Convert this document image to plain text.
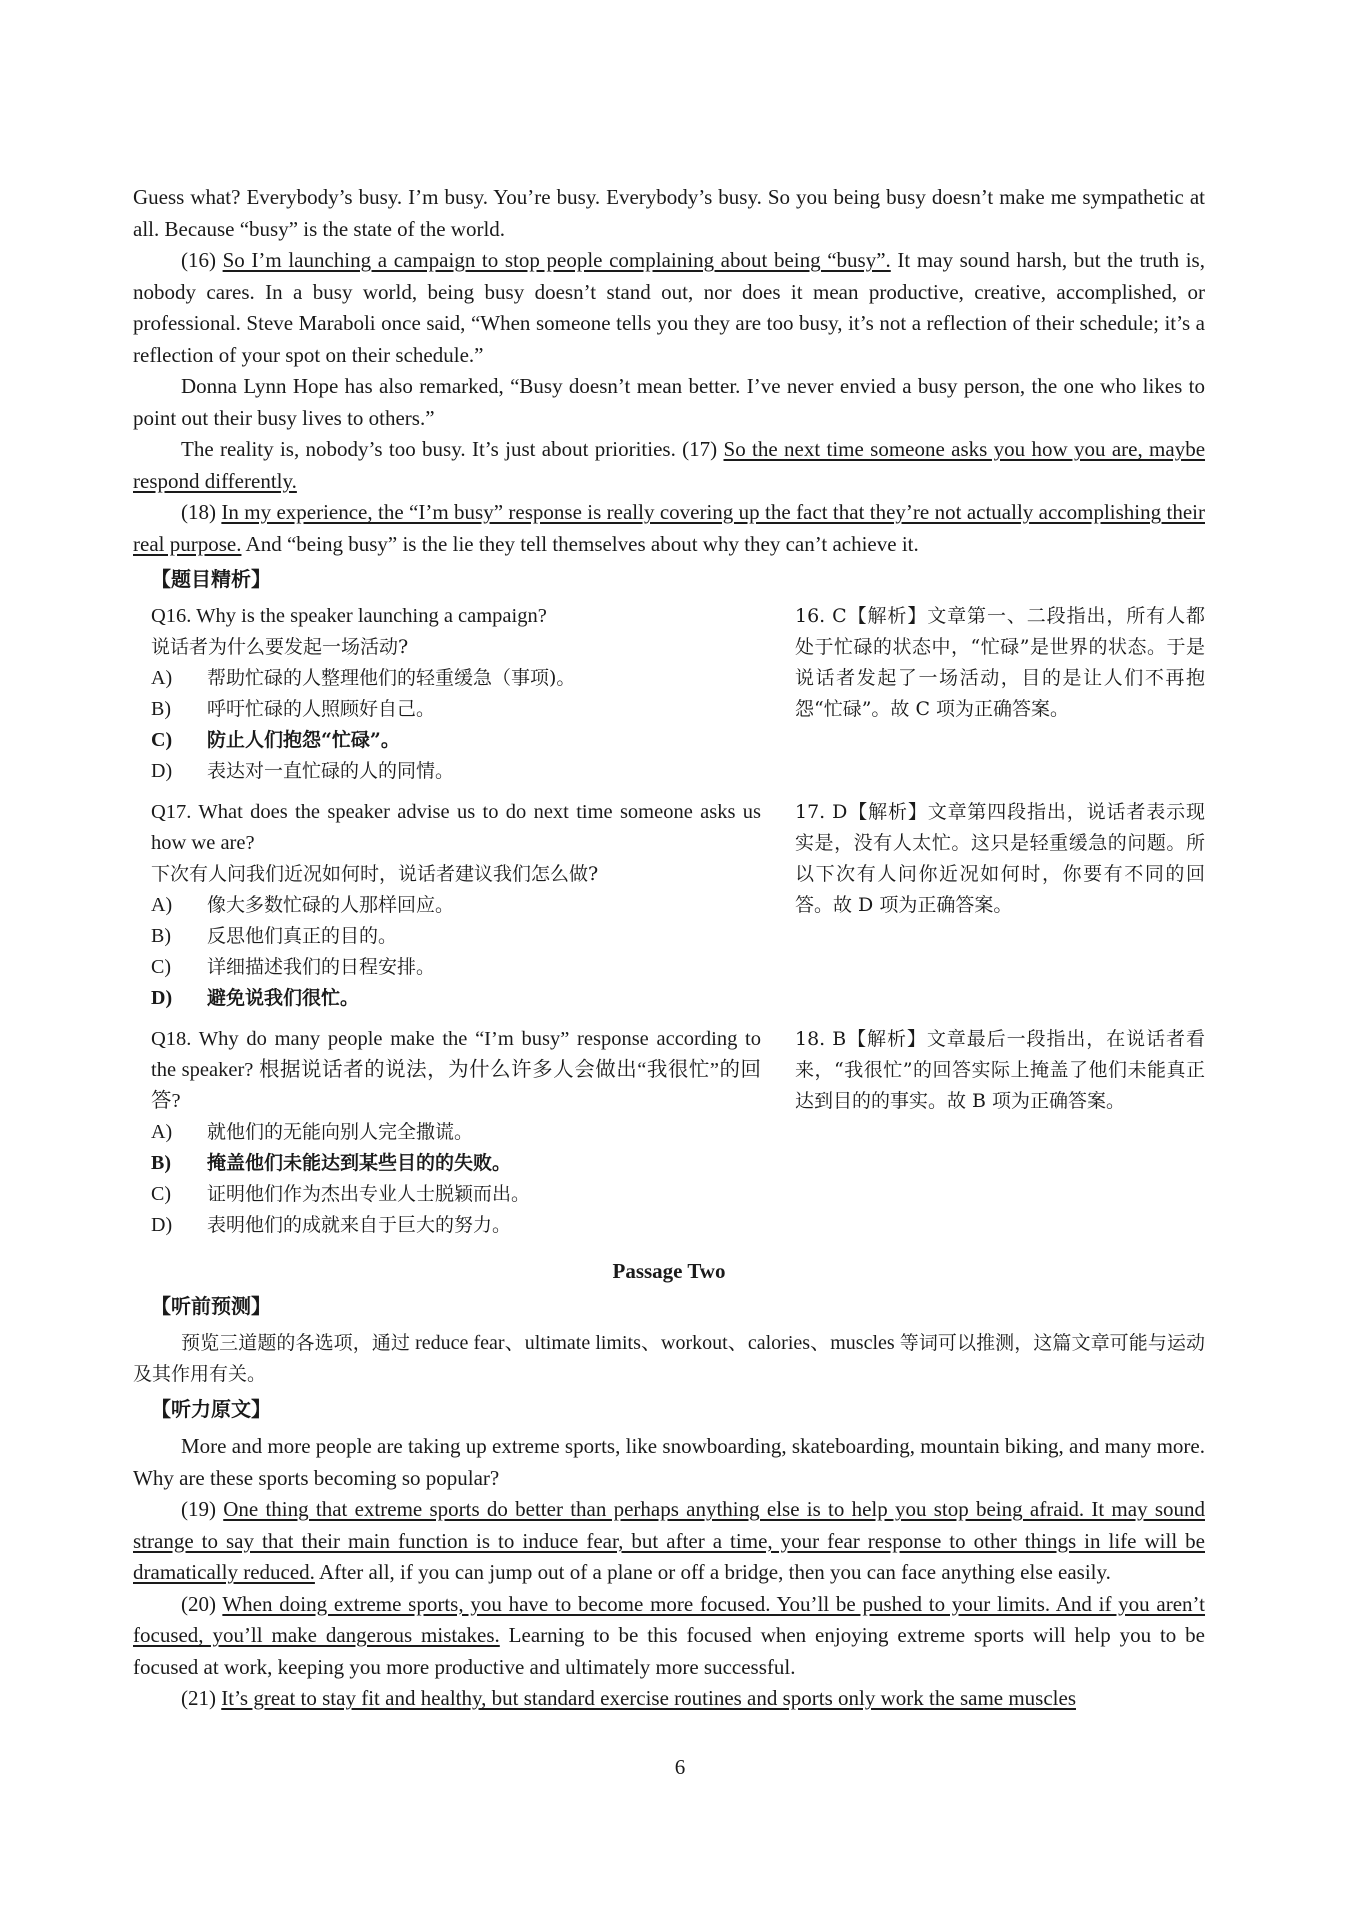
Guess what? Everybody’s busy. I’m busy. You’re busy. Everybody’s busy. So you being busy doesn’t make me sympathetic at all. Because “busy” is the state of the world.

(16) So I’m launching a campaign to stop people complaining about being “busy”. It may sound harsh, but the truth is, nobody cares. In a busy world, being busy doesn’t stand out, nor does it mean productive, creative, accomplished, or professional. Steve Maraboli once said, “When someone tells you they are too busy, it’s not a reflection of their schedule; it’s a reflection of your spot on their schedule.”

Donna Lynn Hope has also remarked, “Busy doesn’t mean better. I’ve never envied a busy person, the one who likes to point out their busy lives to others.”

The reality is, nobody’s too busy. It’s just about priorities. (17) So the next time someone asks you how you are, maybe respond differently.

(18) In my experience, the “I’m busy” response is really covering up the fact that they’re not actually accomplishing their real purpose. And “being busy” is the lie they tell themselves about why they can’t achieve it.

【题目精析】

Q16. Why is the speaker launching a campaign?

说话者为什么要发起一场活动?

A)	帮助忙碌的人整理他们的轻重缓急（事项)。
B)	呼吁忙碌的人照顾好自己。
C)	防止人们抱怨“忙碌”。
D)	表达对一直忙碌的人的同情。

16. C【解析】文章第一、二段指出，所有人都处于忙碌的状态中，“忙碌”是世界的状态。于是说话者发起了一场活动，目的是让人们不再抱怨“忙碌”。故 C 项为正确答案。

Q17. What does the speaker advise us to do next time someone asks us how we are?

下次有人问我们近况如何时，说话者建议我们怎么做?

A)	像大多数忙碌的人那样回应。
B)	反思他们真正的目的。
C)	详细描述我们的日程安排。
D)	避免说我们很忙。

17. D【解析】文章第四段指出，说话者表示现实是，没有人太忙。这只是轻重缓急的问题。所以下次有人问你近况如何时，你要有不同的回答。故 D 项为正确答案。

Q18. Why do many people make the “I’m busy” response according to the speaker? 根据说话者的说法，为什么许多人会做出“我很忙”的回答?

A)	就他们的无能向别人完全撒谎。
B)	掩盖他们未能达到某些目的的失败。
C)	证明他们作为杰出专业人士脱颖而出。
D)	表明他们的成就来自于巨大的努力。

18. B【解析】文章最后一段指出，在说话者看来，“我很忙”的回答实际上掩盖了他们未能真正达到目的的事实。故 B 项为正确答案。

Passage Two
【听前预测】

预览三道题的各选项，通过 reduce fear、ultimate limits、workout、calories、muscles 等词可以推测，这篇文章可能与运动及其作用有关。

【听力原文】

More and more people are taking up extreme sports, like snowboarding, skateboarding, mountain biking, and many more. Why are these sports becoming so popular?

(19) One thing that extreme sports do better than perhaps anything else is to help you stop being afraid. It may sound strange to say that their main function is to induce fear, but after a time, your fear response to other things in life will be dramatically reduced. After all, if you can jump out of a plane or off a bridge, then you can face anything else easily.

(20) When doing extreme sports, you have to become more focused. You’ll be pushed to your limits. And if you aren’t focused, you’ll make dangerous mistakes. Learning to be this focused when enjoying extreme sports will help you to be focused at work, keeping you more productive and ultimately more successful.

(21) It’s great to stay fit and healthy, but standard exercise routines and sports only work the same muscles

6
